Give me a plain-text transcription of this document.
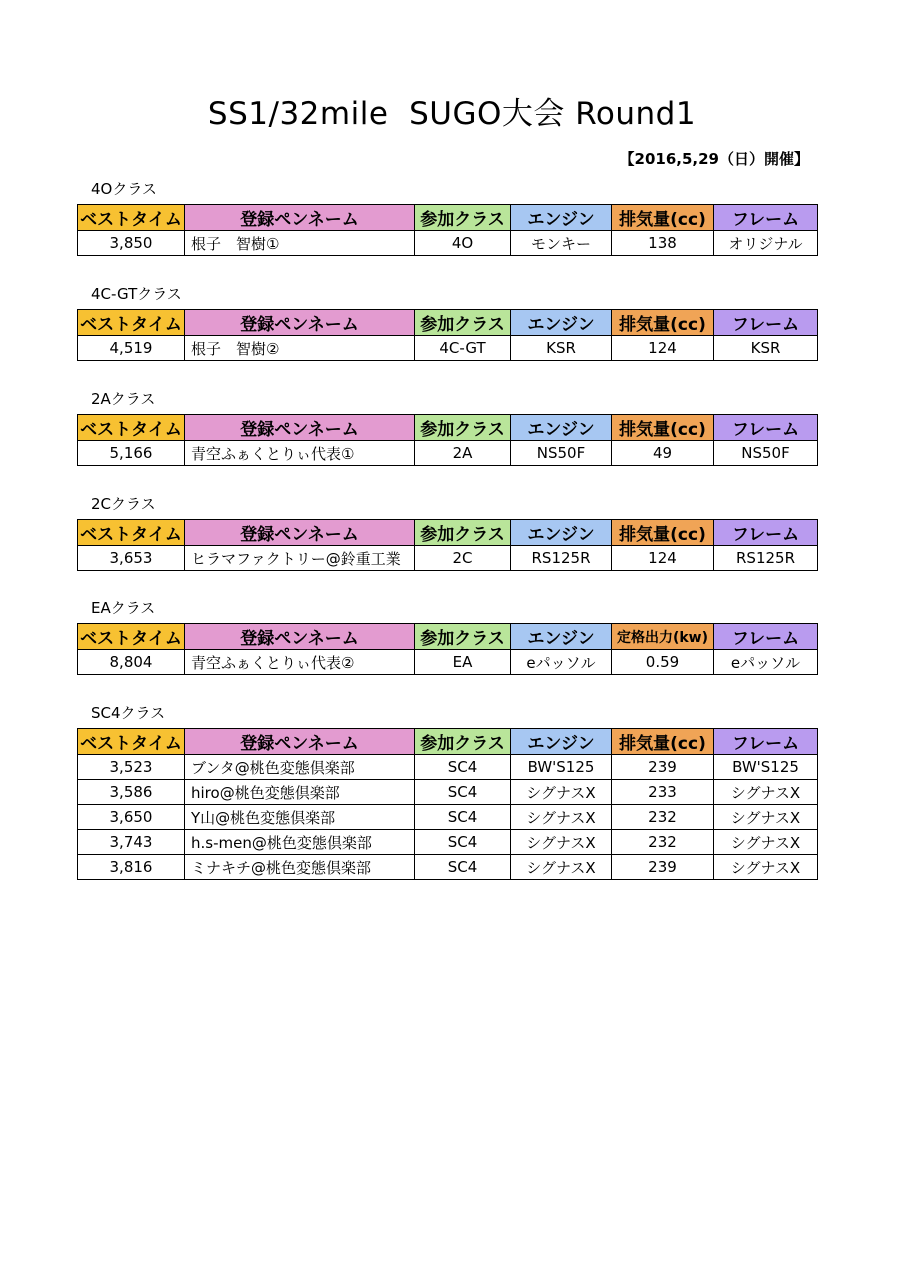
SS1/32mile  SUGO大会 Round1
【2016,5,29（日）開催】
4Oクラス
ベストタイム	登録ペンネーム	参加クラス	エンジン	排気量(cc)	フレーム
3,850	根子　智樹①	4O	モンキー	138	オリジナル
4C-GTクラス
ベストタイム	登録ペンネーム	参加クラス	エンジン	排気量(cc)	フレーム
4,519	根子　智樹②	4C-GT	KSR	124	KSR
2Aクラス
ベストタイム	登録ペンネーム	参加クラス	エンジン	排気量(cc)	フレーム
5,166	青空ふぁくとりぃ代表①	2A	NS50F	49	NS50F
2Cクラス
ベストタイム	登録ペンネーム	参加クラス	エンジン	排気量(cc)	フレーム
3,653	ヒラマファクトリー@鈴重工業	2C	RS125R	124	RS125R
EAクラス
ベストタイム	登録ペンネーム	参加クラス	エンジン	定格出力(kw)	フレーム
8,804	青空ふぁくとりぃ代表②	EA	eパッソル	0.59	eパッソル
SC4クラス
ベストタイム	登録ペンネーム	参加クラス	エンジン	排気量(cc)	フレーム
3,523	ブンタ@桃色変態倶楽部	SC4	BW'S125	239	BW'S125
3,586	hiro@桃色変態倶楽部	SC4	シグナスX	233	シグナスX
3,650	Y山@桃色変態倶楽部	SC4	シグナスX	232	シグナスX
3,743	h.s-men@桃色変態倶楽部	SC4	シグナスX	232	シグナスX
3,816	ミナキチ@桃色変態倶楽部	SC4	シグナスX	239	シグナスX
